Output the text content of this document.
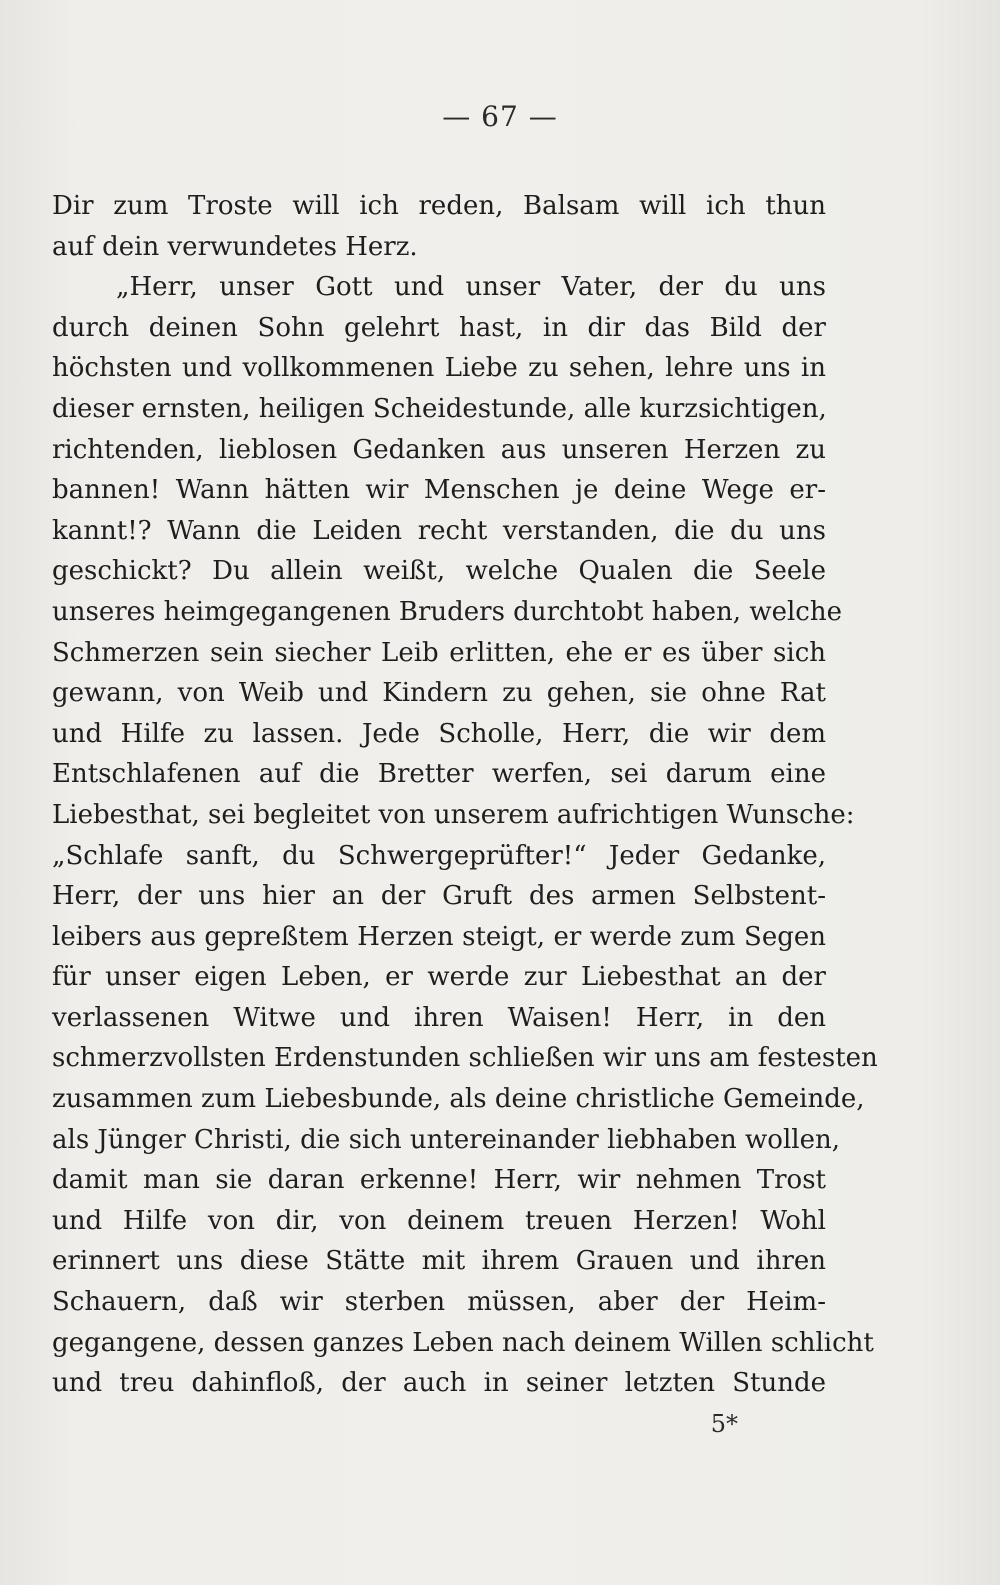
— 67 —
Dir zum Troste will ich reden, Balsam will ich thun
auf dein verwundetes Herz.
„Herr, unser Gott und unser Vater, der du uns
durch deinen Sohn gelehrt hast, in dir das Bild der
höchsten und vollkommenen Liebe zu sehen, lehre uns in
dieser ernsten, heiligen Scheidestunde, alle kurzsichtigen,
richtenden, lieblosen Gedanken aus unseren Herzen zu
bannen! Wann hätten wir Menschen je deine Wege er-
kannt!? Wann die Leiden recht verstanden, die du uns
geschickt? Du allein weißt, welche Qualen die Seele
unseres heimgegangenen Bruders durchtobt haben, welche
Schmerzen sein siecher Leib erlitten, ehe er es über sich
gewann, von Weib und Kindern zu gehen, sie ohne Rat
und Hilfe zu lassen. Jede Scholle, Herr, die wir dem
Entschlafenen auf die Bretter werfen, sei darum eine
Liebesthat, sei begleitet von unserem aufrichtigen Wunsche:
„Schlafe sanft, du Schwergeprüfter!“ Jeder Gedanke,
Herr, der uns hier an der Gruft des armen Selbstent-
leibers aus gepreßtem Herzen steigt, er werde zum Segen
für unser eigen Leben, er werde zur Liebesthat an der
verlassenen Witwe und ihren Waisen! Herr, in den
schmerzvollsten Erdenstunden schließen wir uns am festesten
zusammen zum Liebesbunde, als deine christliche Gemeinde,
als Jünger Christi, die sich untereinander liebhaben wollen,
damit man sie daran erkenne! Herr, wir nehmen Trost
und Hilfe von dir, von deinem treuen Herzen! Wohl
erinnert uns diese Stätte mit ihrem Grauen und ihren
Schauern, daß wir sterben müssen, aber der Heim-
gegangene, dessen ganzes Leben nach deinem Willen schlicht
und treu dahinfloß, der auch in seiner letzten Stunde
5*
